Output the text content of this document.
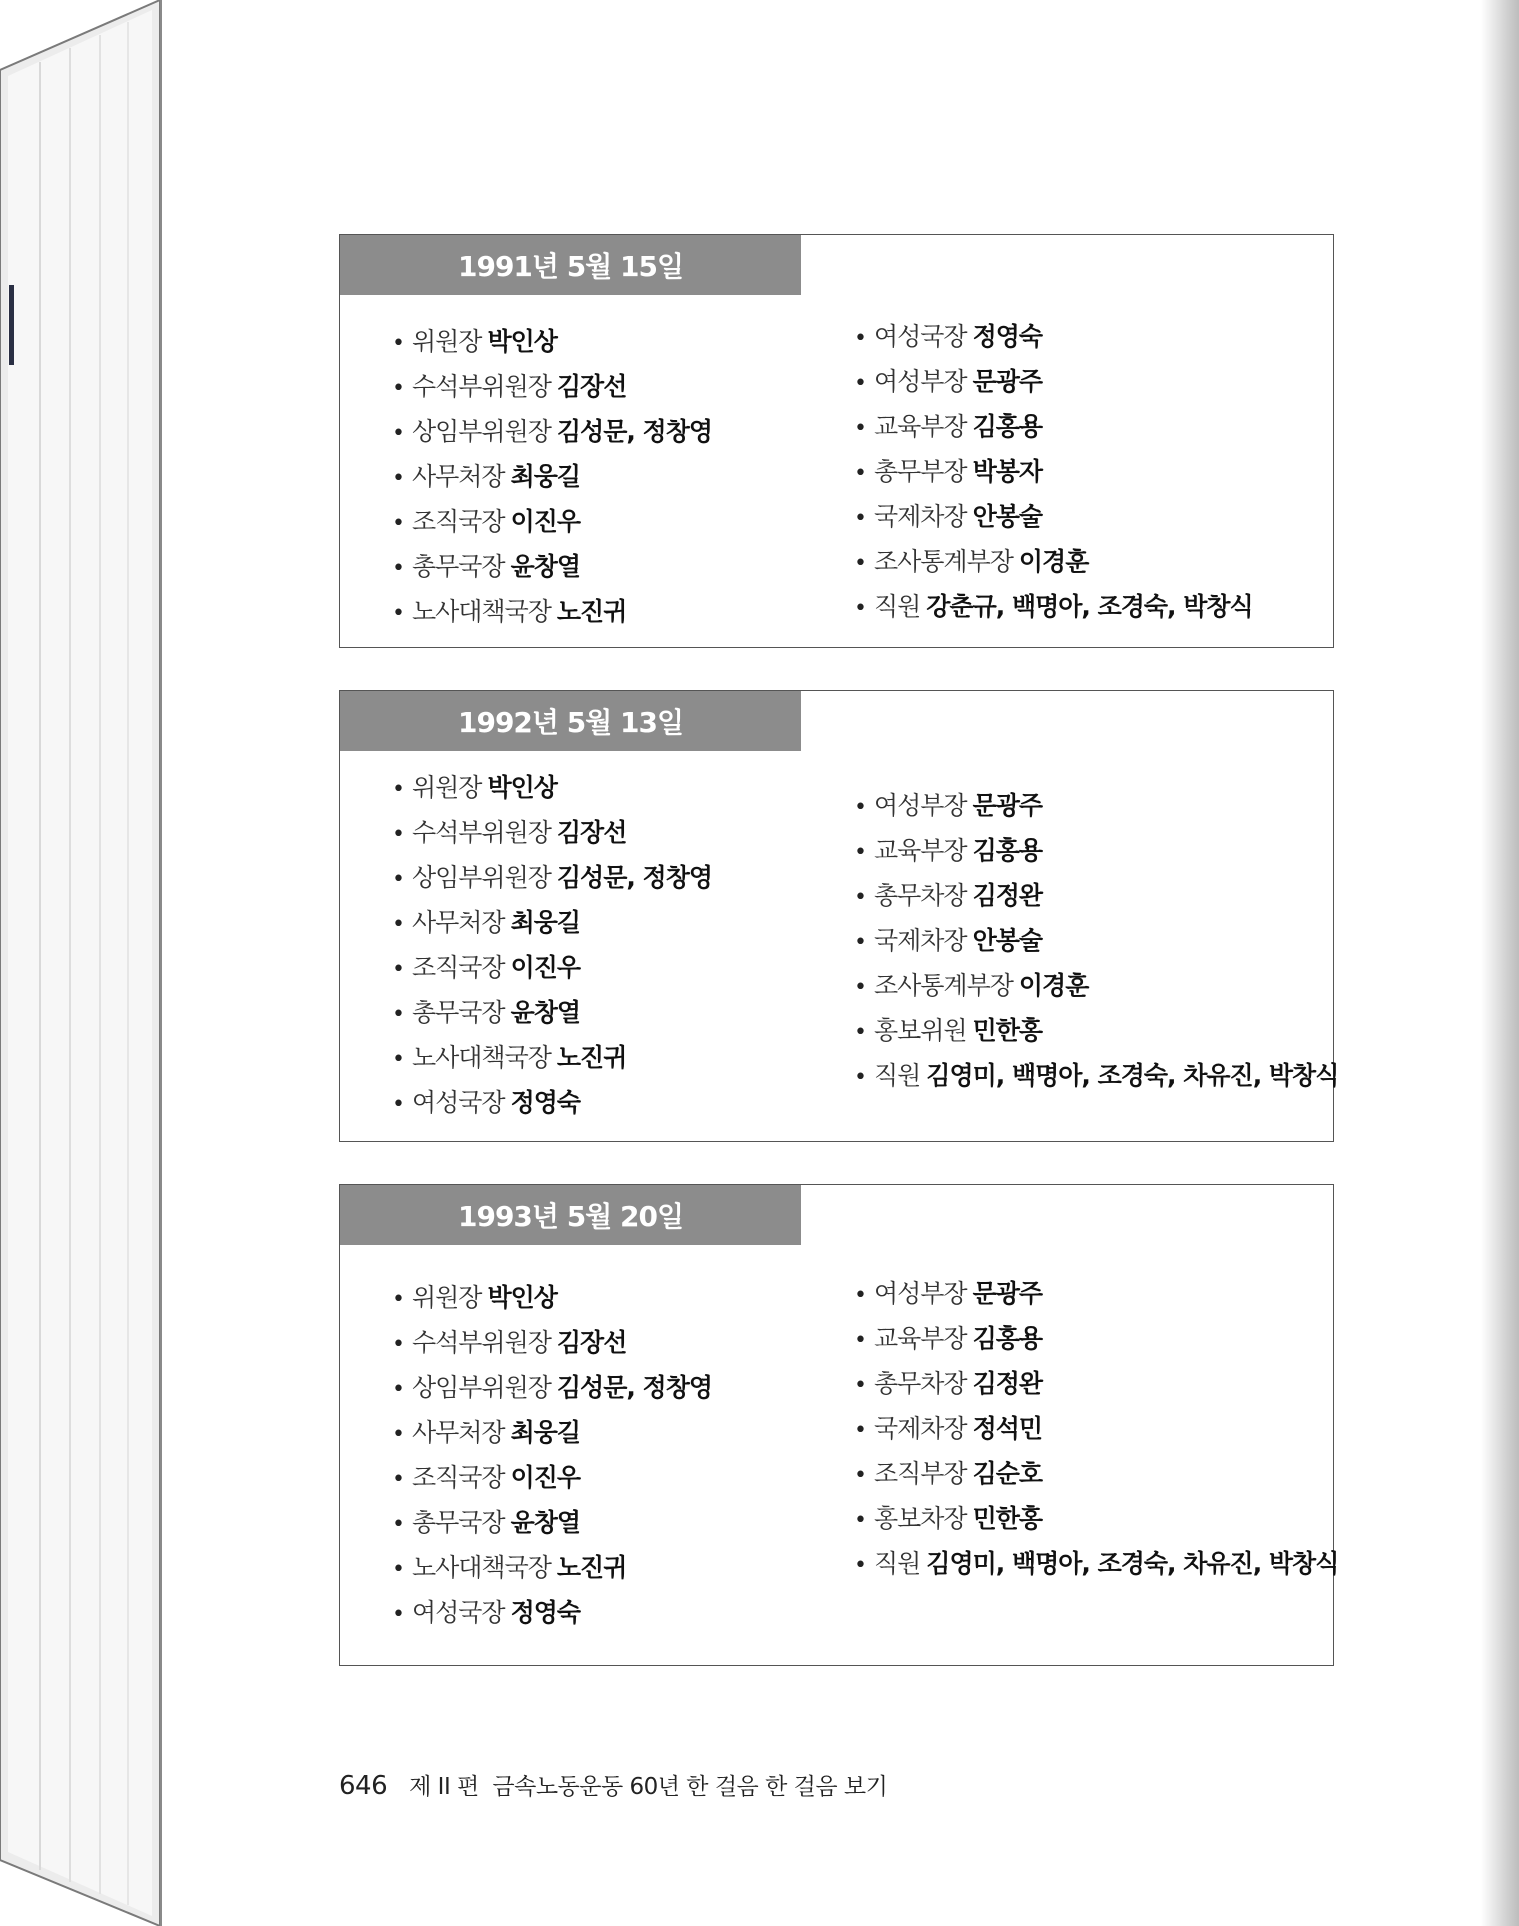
1991년 5월 15일
• 위원장 박인상
• 수석부위원장 김장선
• 상임부위원장 김성문, 정창영
• 사무처장 최웅길
• 조직국장 이진우
• 총무국장 윤창열
• 노사대책국장 노진귀
• 여성국장 정영숙
• 여성부장 문광주
• 교육부장 김홍용
• 총무부장 박봉자
• 국제차장 안봉술
• 조사통계부장 이경훈
• 직원 강춘규, 백명아, 조경숙, 박창식
1992년 5월 13일
• 위원장 박인상
• 수석부위원장 김장선
• 상임부위원장 김성문, 정창영
• 사무처장 최웅길
• 조직국장 이진우
• 총무국장 윤창열
• 노사대책국장 노진귀
• 여성국장 정영숙
• 여성부장 문광주
• 교육부장 김홍용
• 총무차장 김정완
• 국제차장 안봉술
• 조사통계부장 이경훈
• 홍보위원 민한홍
• 직원 김영미, 백명아, 조경숙, 차유진, 박창식
1993년 5월 20일
• 위원장 박인상
• 수석부위원장 김장선
• 상임부위원장 김성문, 정창영
• 사무처장 최웅길
• 조직국장 이진우
• 총무국장 윤창열
• 노사대책국장 노진귀
• 여성국장 정영숙
• 여성부장 문광주
• 교육부장 김홍용
• 총무차장 김정완
• 국제차장 정석민
• 조직부장 김순호
• 홍보차장 민한홍
• 직원 김영미, 백명아, 조경숙, 차유진, 박창식
646 제 II 편  금속노동운동 60년 한 걸음 한 걸음 보기
